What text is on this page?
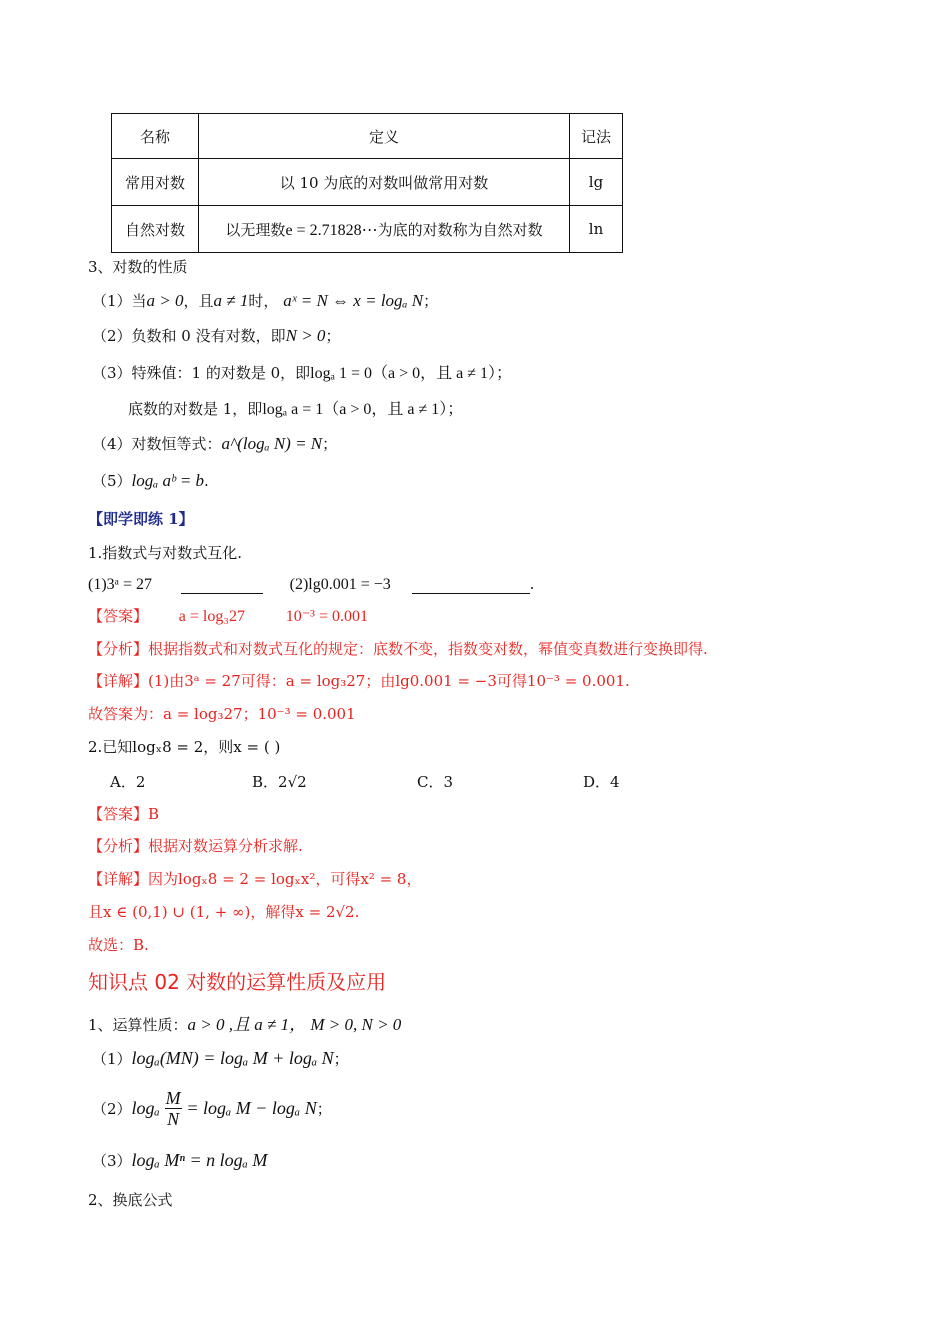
名称	定义	记法
常用对数	以 10 为底的对数叫做常用对数	lg
自然对数	以无理数e = 2.71828⋯为底的对数称为自然对数	ln
3、对数的性质
（1）当a > 0，且a ≠ 1时， aˣ = N ⇔ x = logₐ N；
（2）负数和 0 没有对数，即N > 0；
（3）特殊值：1 的对数是 0，即logₐ 1 = 0（a > 0，且 a ≠ 1）；
底数的对数是 1，即logₐ a = 1（a > 0，且 a ≠ 1）；
（4）对数恒等式：a^(logₐ N) = N；
（5）logₐ aᵇ = b.
【即学即练 1】
1.指数式与对数式互化.
(1)3ᵃ = 27	(2)lg0.001 = −3	.
【答案】 a = log₃27	10⁻³ = 0.001
【分析】根据指数式和对数式互化的规定：底数不变，指数变对数，幂值变真数进行变换即得.
【详解】(1)由3ᵃ = 27可得：a = log₃27；由lg0.001 = −3可得10⁻³ = 0.001.
故答案为：a = log₃27；10⁻³ = 0.001
2.已知logₓ8 = 2，则x = ( )
A．2	B．2√2	C．3	D．4
【答案】B
【分析】根据对数运算分析求解.
【详解】因为logₓ8 = 2 = logₓx²，可得x² = 8，
且x ∈ (0,1) ∪ (1, + ∞)，解得x = 2√2.
故选：B.
知识点 02 对数的运算性质及应用
1、运算性质：a > 0 ,且 a ≠ 1， M > 0, N > 0
（1）logₐ(MN) = logₐ M + logₐ N；
$(2)\log_a \frac{M}{N} = \log_a$ M − logₐ N；
（3）logₐ Mⁿ = n logₐ M
2、换底公式
